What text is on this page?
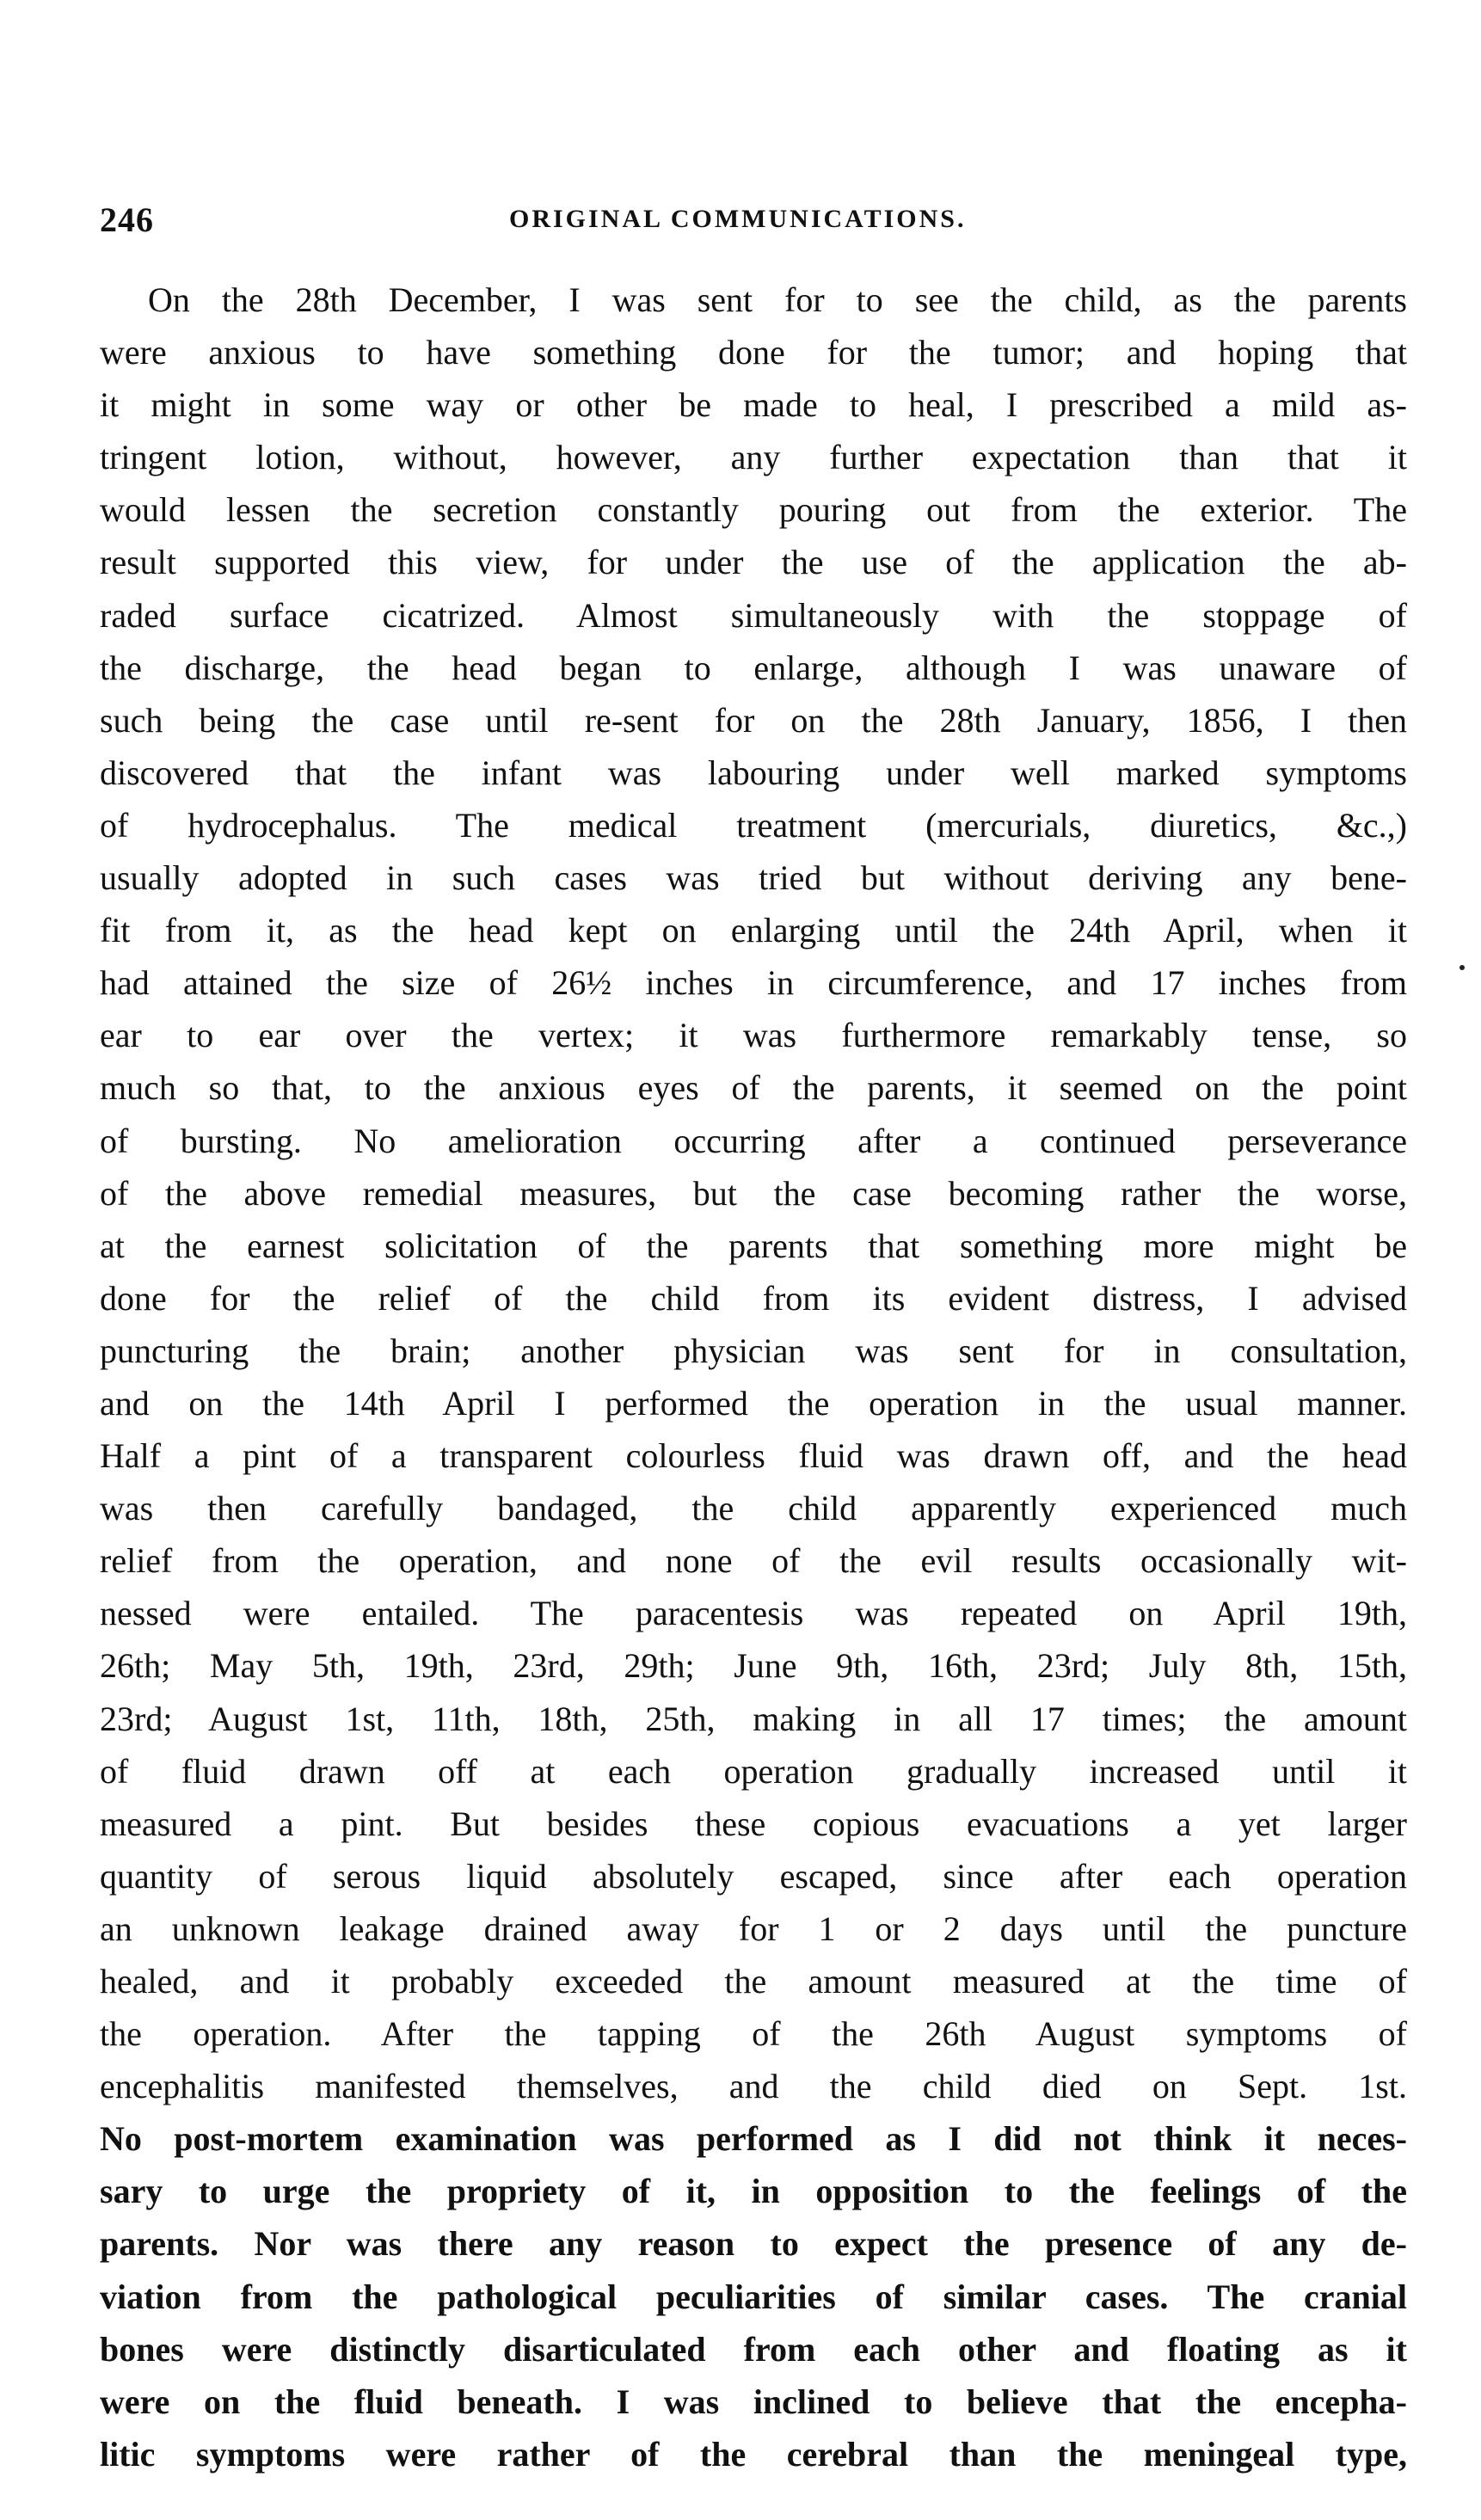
246	ORIGINAL COMMUNICATIONS.
On the 28th December, I was sent for to see the child, as the parents
were anxious to have something done for the tumor; and hoping that
it might in some way or other be made to heal, I prescribed a mild as-
tringent lotion, without, however, any further expectation than that it
would lessen the secretion constantly pouring out from the exterior. The
result supported this view, for under the use of the application the ab-
raded surface cicatrized. Almost simultaneously with the stoppage of
the discharge, the head began to enlarge, although I was unaware of
such being the case until re-sent for on the 28th January, 1856, I then
discovered that the infant was labouring under well marked symptoms
of hydrocephalus. The medical treatment (mercurials, diuretics, &c.,)
usually adopted in such cases was tried but without deriving any bene-
fit from it, as the head kept on enlarging until the 24th April, when it
had attained the size of 26½ inches in circumference, and 17 inches from
ear to ear over the vertex; it was furthermore remarkably tense, so
much so that, to the anxious eyes of the parents, it seemed on the point
of bursting. No amelioration occurring after a continued perseverance
of the above remedial measures, but the case becoming rather the worse,
at the earnest solicitation of the parents that something more might be
done for the relief of the child from its evident distress, I advised
puncturing the brain; another physician was sent for in consultation,
and on the 14th April I performed the operation in the usual manner.
Half a pint of a transparent colourless fluid was drawn off, and the head
was then carefully bandaged, the child apparently experienced much
relief from the operation, and none of the evil results occasionally wit-
nessed were entailed. The paracentesis was repeated on April 19th,
26th; May 5th, 19th, 23rd, 29th; June 9th, 16th, 23rd; July 8th, 15th,
23rd; August 1st, 11th, 18th, 25th, making in all 17 times; the amount
of fluid drawn off at each operation gradually increased until it
measured a pint. But besides these copious evacuations a yet larger
quantity of serous liquid absolutely escaped, since after each operation
an unknown leakage drained away for 1 or 2 days until the puncture
healed, and it probably exceeded the amount measured at the time of
the operation. After the tapping of the 26th August symptoms of
encephalitis manifested themselves, and the child died on Sept. 1st.
No post-mortem examination was performed as I did not think it neces-
sary to urge the propriety of it, in opposition to the feelings of the
parents. Nor was there any reason to expect the presence of any de-
viation from the pathological peculiarities of similar cases. The cranial
bones were distinctly disarticulated from each other and floating as it
were on the fluid beneath. I was inclined to believe that the encepha-
litic symptoms were rather of the cerebral than the meningeal type,
